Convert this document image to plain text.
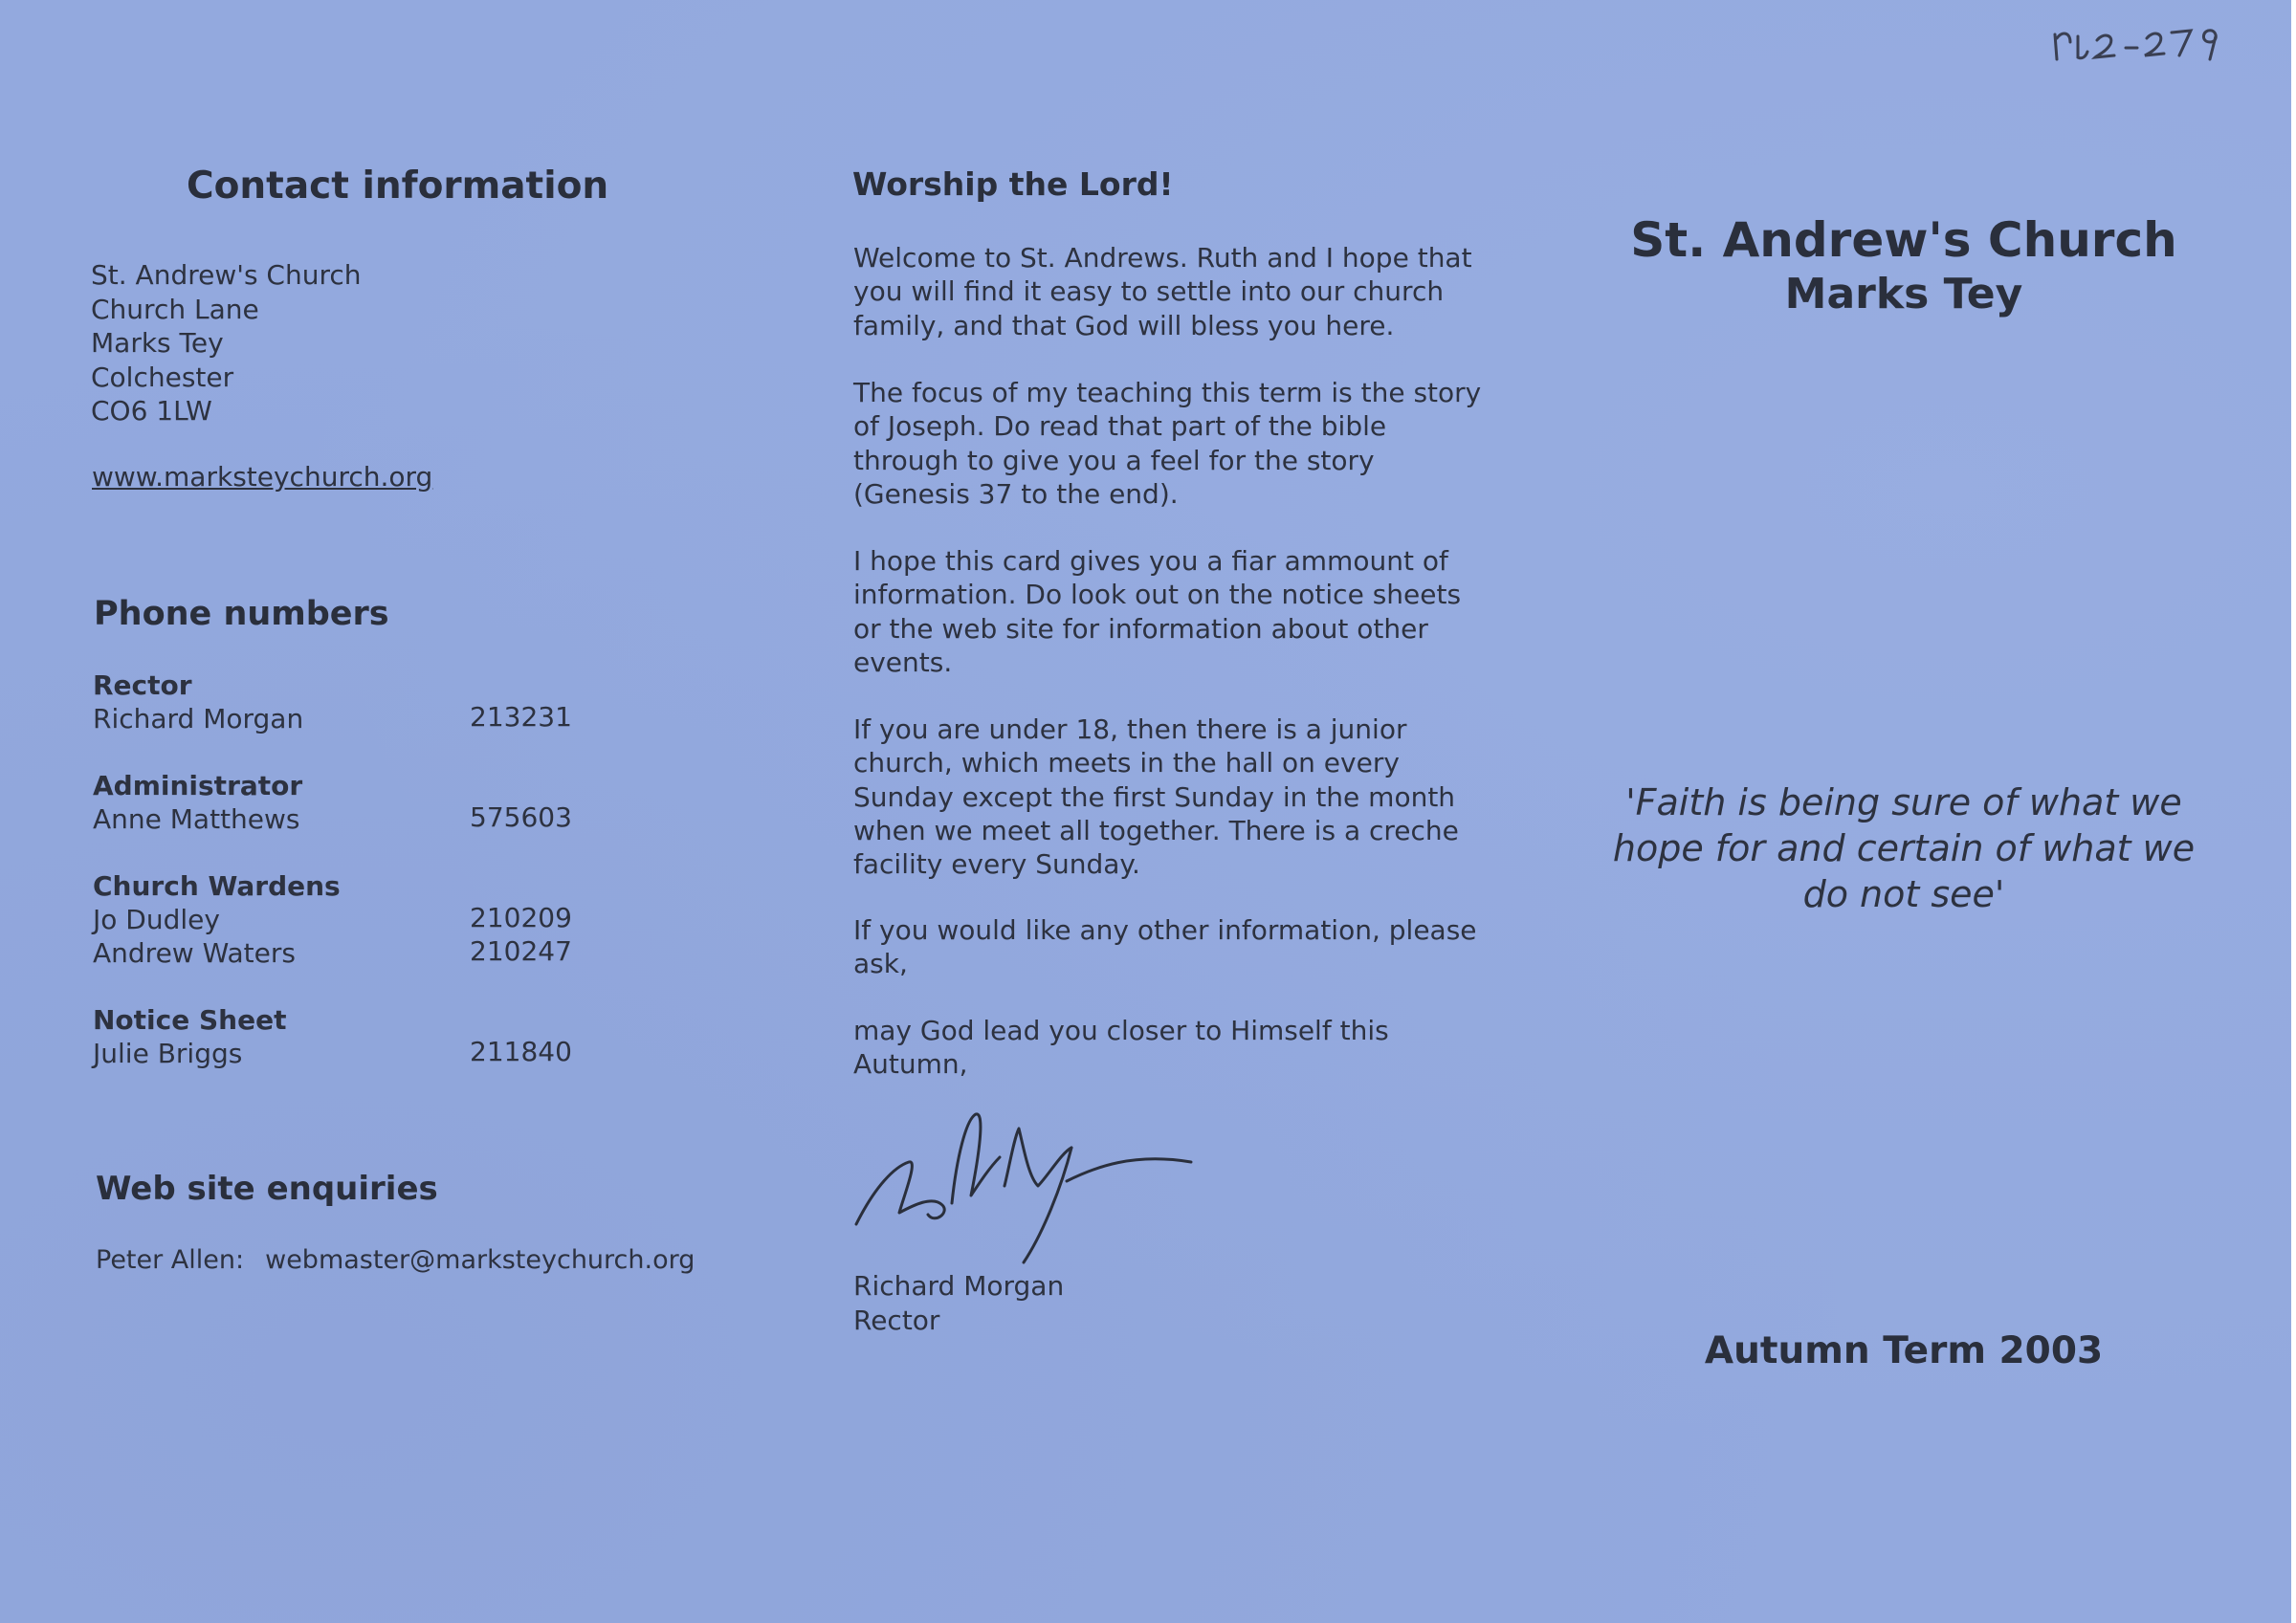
Contact information
St. Andrew's Church
Church Lane
Marks Tey
Colchester
CO6 1LW
www.marksteychurch.org
Phone numbers
Rector
Richard Morgan	213231
Administrator
Anne Matthews	575603
Church Wardens
Jo Dudley	210209
Andrew Waters	210247
Notice Sheet
Julie Briggs	211840
Web site enquiries
Peter Allen: webmaster@marksteychurch.org
Worship the Lord!
Welcome to St. Andrews. Ruth and I hope that
you will find it easy to settle into our church
family, and that God will bless you here.
The focus of my teaching this term is the story
of Joseph. Do read that part of the bible
through to give you a feel for the story
(Genesis 37 to the end).
I hope this card gives you a fiar ammount of
information. Do look out on the notice sheets
or the web site for information about other
events.
If you are under 18, then there is a junior
church, which meets in the hall on every
Sunday except the first Sunday in the month
when we meet all together. There is a creche
facility every Sunday.
If you would like any other information, please
ask,
may God lead you closer to Himself this
Autumn,
Richard Morgan
Rector
St. Andrew's Church
Marks Tey
'Faith is being sure of what we
hope for and certain of what we
do not see'
Autumn Term 2003
